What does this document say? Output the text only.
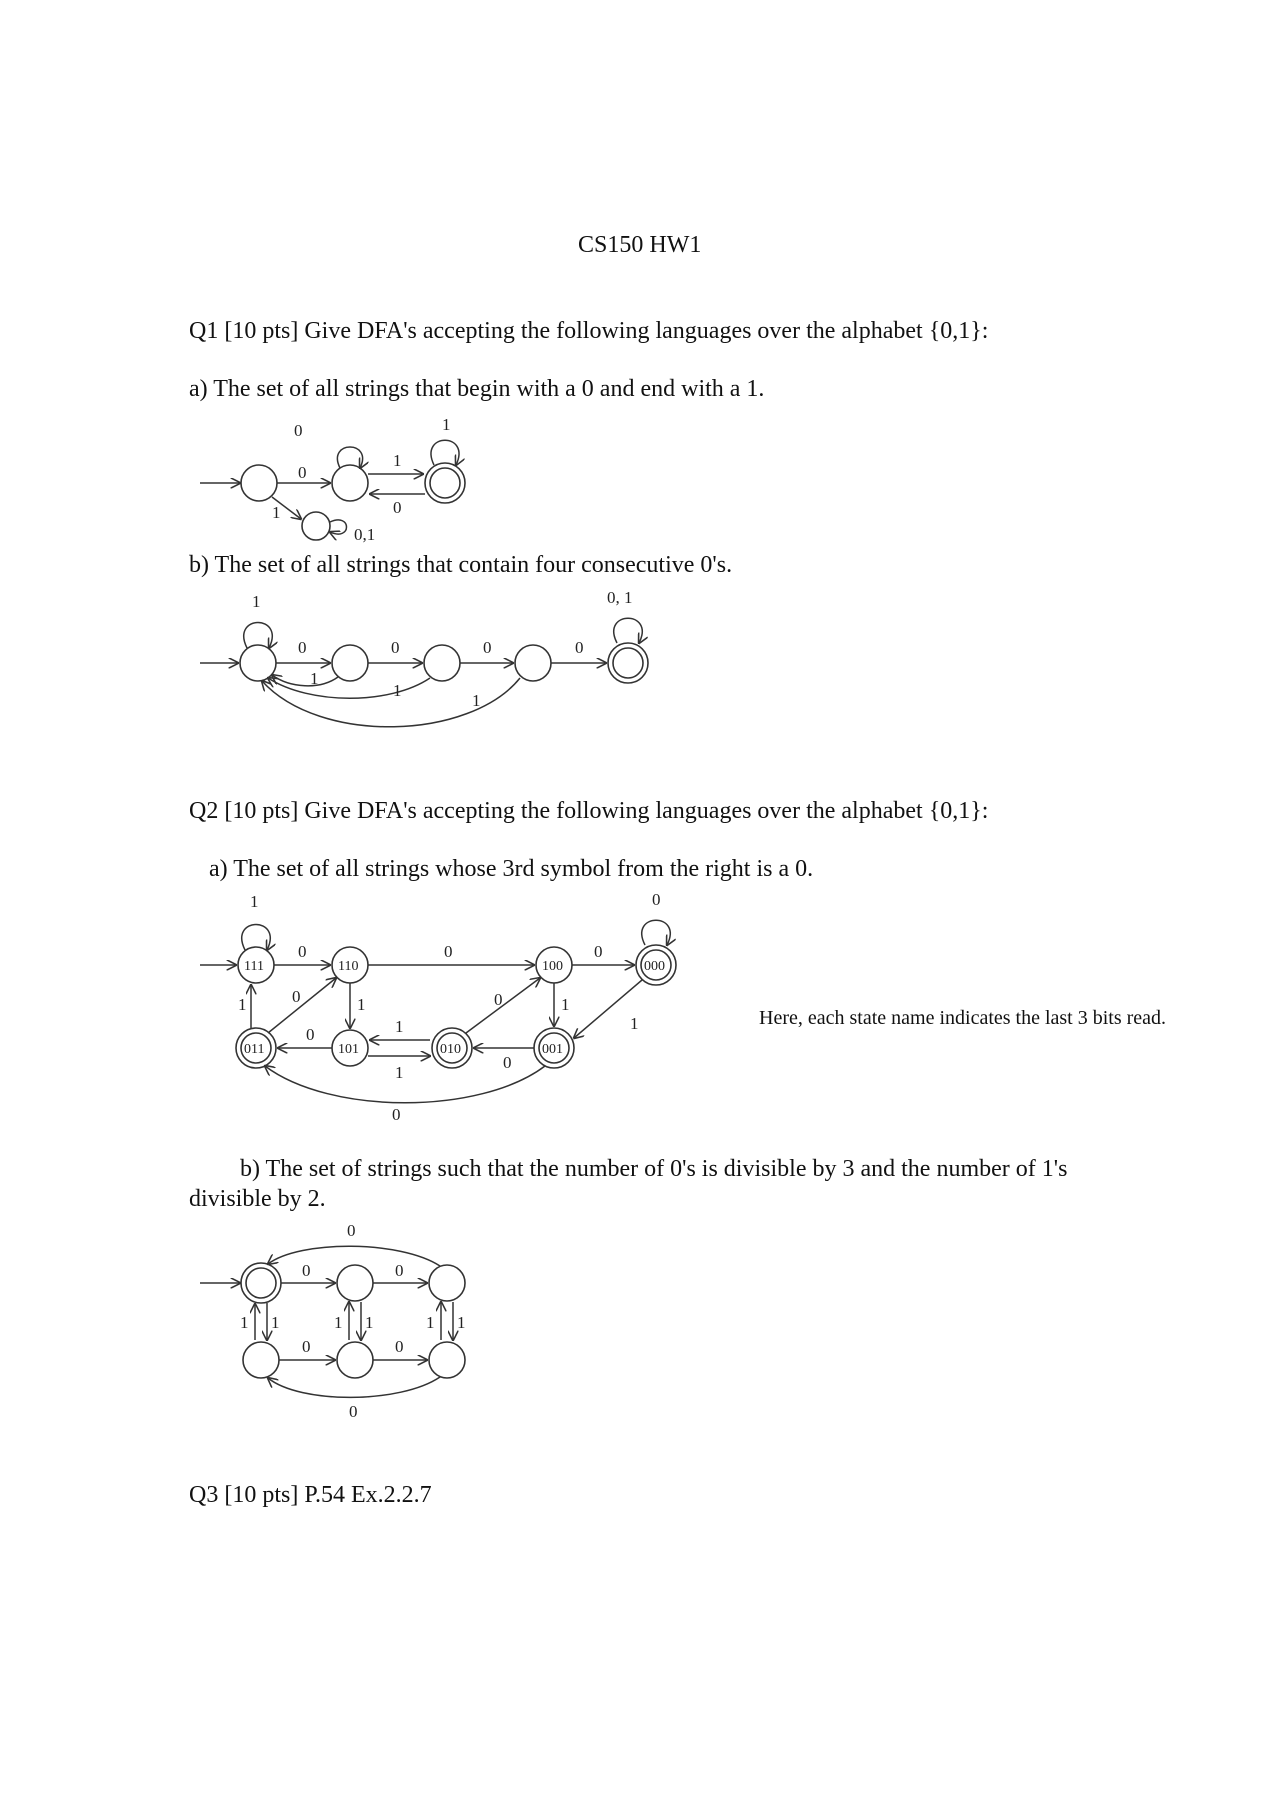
CS150 HW1
Q1 [10 pts] Give DFA's accepting the following languages over the alphabet {0,1}:
a) The set of all strings that begin with a 0 and end with a 1.
b) The set of all strings that contain four consecutive 0's.
Q2 [10 pts] Give DFA's accepting the following languages over the alphabet {0,1}:
a) The set of all strings whose 3rd symbol from the right is a 0.
Here, each state name indicates the last 3 bits read.
b) The set of strings such that the number of 0's is divisible by 3 and the number of 1's
divisible by 2.
Q3 [10 pts] P.54 Ex.2.2.7
0	1
0
1
0
1
0,1
1	0, 1
0	0	0	0
1
1
1
111	110	100	000
011	101	010	001
1
0	0	0
0
1	0	1	0	1
1
0	1
1
0
0
0
0	0
1 1	1 1	1 1
0	0
0
